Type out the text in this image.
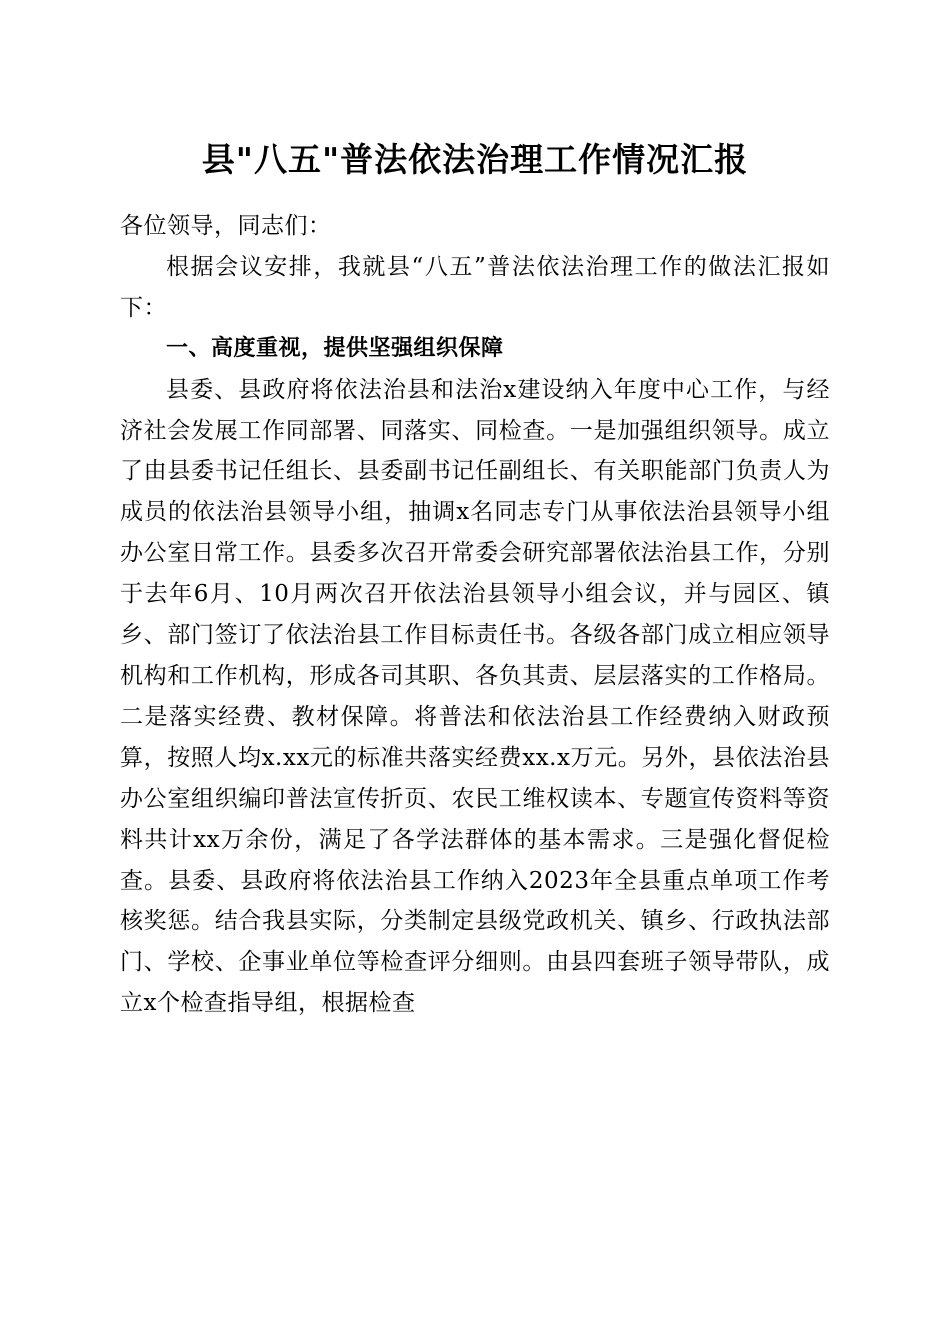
县"八五"普法依法治理工作情况汇报

各位领导，同志们：

根据会议安排，我就县“八五”普法依法治理工作的做法汇报如下：

一、高度重视，提供坚强组织保障

县委、县政府将依法治县和法治x建设纳入年度中心工作，与经济社会发展工作同部署、同落实、同检查。一是加强组织领导。成立了由县委书记任组长、县委副书记任副组长、有关职能部门负责人为成员的依法治县领导小组，抽调x名同志专门从事依法治县领导小组办公室日常工作。县委多次召开常委会研究部署依法治县工作，分别于去年6月、10月两次召开依法治县领导小组会议，并与园区、镇乡、部门签订了依法治县工作目标责任书。各级各部门成立相应领导机构和工作机构，形成各司其职、各负其责、层层落实的工作格局。二是落实经费、教材保障。将普法和依法治县工作经费纳入财政预算，按照人均x.xx元的标准共落实经费xx.x万元。另外，县依法治县办公室组织编印普法宣传折页、农民工维权读本、专题宣传资料等资料共计xx万余份，满足了各学法群体的基本需求。三是强化督促检查。县委、县政府将依法治县工作纳入2023年全县重点单项工作考核奖惩。结合我县实际，分类制定县级党政机关、镇乡、行政执法部门、学校、企事业单位等检查评分细则。由县四套班子领导带队，成立x个检查指导组，根据检查
